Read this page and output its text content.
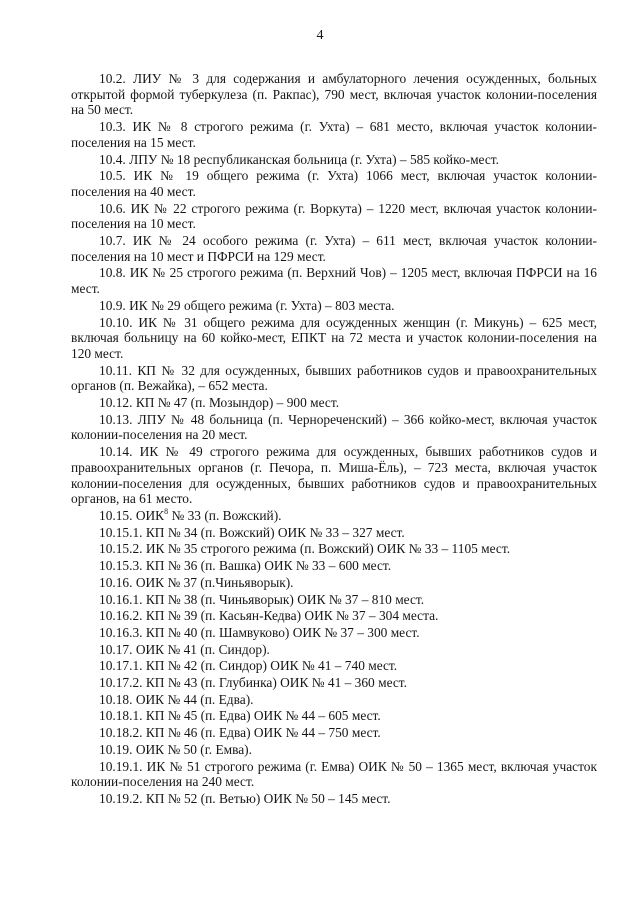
4

10.2. ЛИУ № 3 для содержания и амбулаторного лечения осужденных, больных открытой формой туберкулеза (п. Ракпас), 790 мест, включая участок колонии-поселения на 50 мест.

10.3. ИК № 8 строгого режима (г. Ухта) – 681 место, включая участок колонии-поселения на 15 мест.

10.4. ЛПУ № 18 республиканская больница (г. Ухта) – 585 койко-мест.

10.5. ИК № 19 общего режима (г. Ухта) 1066 мест, включая участок колонии-поселения на 40 мест.

10.6. ИК № 22 строгого режима (г. Воркута) – 1220 мест, включая участок колонии-поселения на 10 мест.

10.7. ИК № 24 особого режима (г. Ухта) – 611 мест, включая участок колонии-поселения на 10 мест и ПФРСИ на 129 мест.

10.8. ИК № 25 строгого режима (п. Верхний Чов) – 1205 мест, включая ПФРСИ на 16 мест.

10.9. ИК № 29 общего режима (г. Ухта) – 803 места.

10.10. ИК № 31 общего режима для осужденных женщин (г. Микунь) – 625 мест, включая больницу на 60 койко-мест, ЕПКТ на 72 места и участок колонии-поселения на 120 мест.

10.11. КП № 32 для осужденных, бывших работников судов и правоохранительных органов (п. Вежайка), – 652 места.

10.12. КП № 47 (п. Мозындор) – 900 мест.

10.13. ЛПУ № 48 больница (п. Чернореченский) – 366 койко-мест, включая участок колонии-поселения на 20 мест.

10.14. ИК № 49 строгого режима для осужденных, бывших работников судов и правоохранительных органов (г. Печора, п. Миша-Ёль), – 723 места, включая участок колонии-поселения для осужденных, бывших работников судов и правоохранительных органов, на 61 место.

10.15. ОИК$^8$ № 33 (п. Вожский).

10.15.1. КП № 34 (п. Вожский) ОИК № 33 – 327 мест.

10.15.2. ИК № 35 строгого режима (п. Вожский) ОИК № 33 – 1105 мест.

10.15.3. КП № 36 (п. Вашка) ОИК № 33 – 600 мест.

10.16. ОИК № 37 (п.Чиньяворык).

10.16.1. КП № 38 (п. Чиньяворык) ОИК № 37 – 810 мест.

10.16.2. КП № 39 (п. Касьян-Кедва) ОИК № 37 – 304 места.

10.16.3. КП № 40 (п. Шамвуково) ОИК № 37 – 300 мест.

10.17. ОИК № 41 (п. Синдор).

10.17.1. КП № 42 (п. Синдор) ОИК № 41 – 740 мест.

10.17.2. КП № 43 (п. Глубинка) ОИК № 41 – 360 мест.

10.18. ОИК № 44 (п. Едва).

10.18.1. КП № 45 (п. Едва) ОИК № 44 – 605 мест.

10.18.2. КП № 46 (п. Едва) ОИК № 44 – 750 мест.

10.19. ОИК № 50 (г. Емва).

10.19.1. ИК № 51 строгого режима (г. Емва) ОИК № 50 – 1365 мест, включая участок колонии-поселения на 240 мест.

10.19.2. КП № 52 (п. Ветью) ОИК № 50 – 145 мест.
